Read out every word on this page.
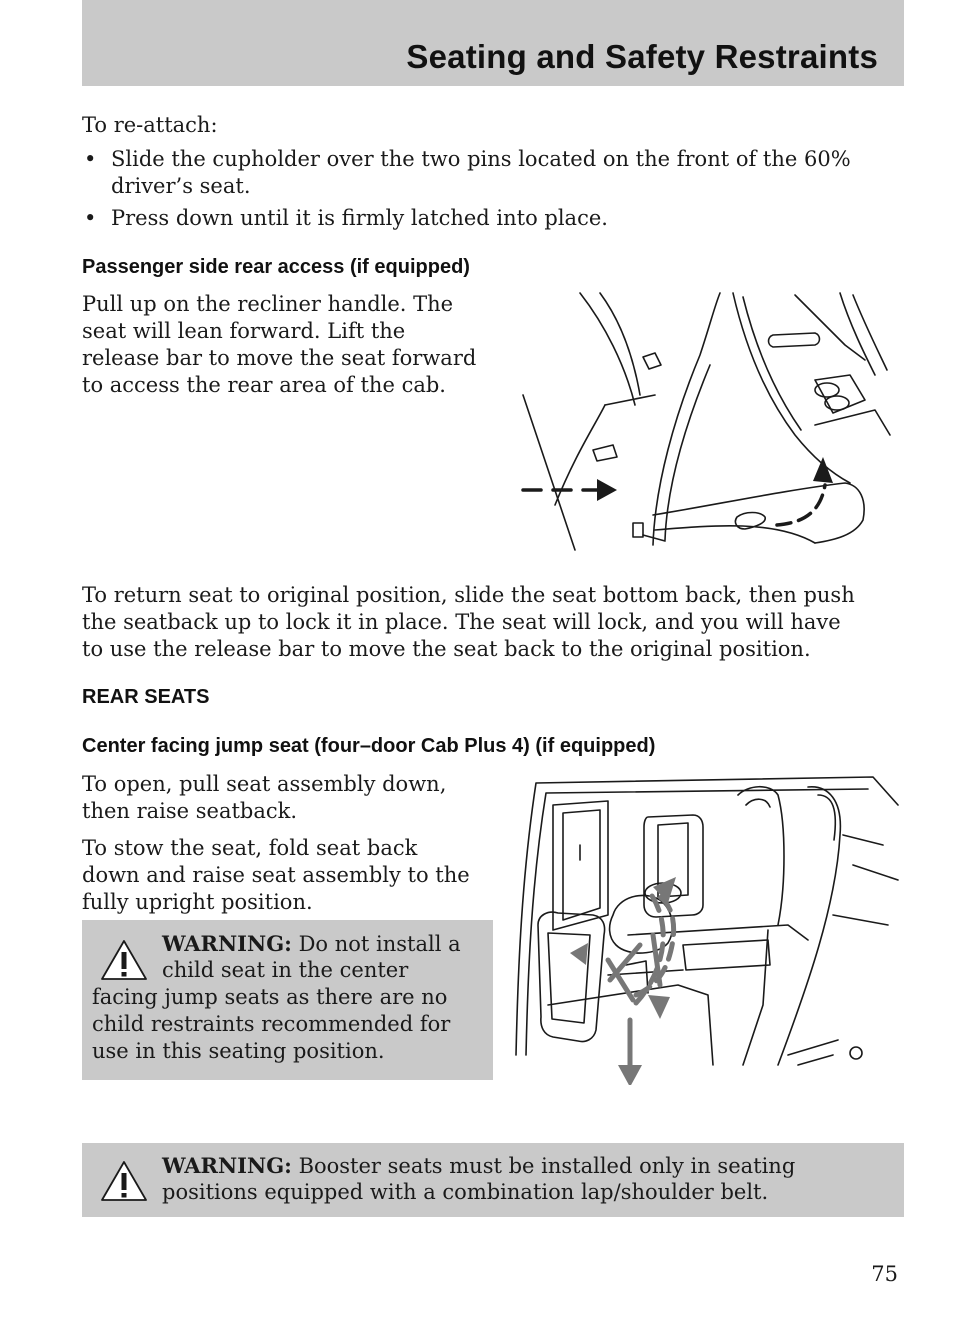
Seating and Safety Restraints
To re-attach:
• Slide the cupholder over the two pins located on the front of the 60%
driver’s seat.
• Press down until it is firmly latched into place.
Passenger side rear access (if equipped)
Pull up on the recliner handle. The
seat will lean forward. Lift the
release bar to move the seat forward
to access the rear area of the cab.
To return seat to original position, slide the seat bottom back, then push
the seatback up to lock it in place. The seat will lock, and you will have
to use the release bar to move the seat back to the original position.
REAR SEATS
Center facing jump seat (four–door Cab Plus 4) (if equipped)
To open, pull seat assembly down,
then raise seatback.
To stow the seat, fold seat back
down and raise seat assembly to the
fully upright position.
WARNING: Do not install a
child seat in the center
facing jump seats as there are no
child restraints recommended for
use in this seating position.
WARNING: Booster seats must be installed only in seating
positions equipped with a combination lap/shoulder belt.
75
